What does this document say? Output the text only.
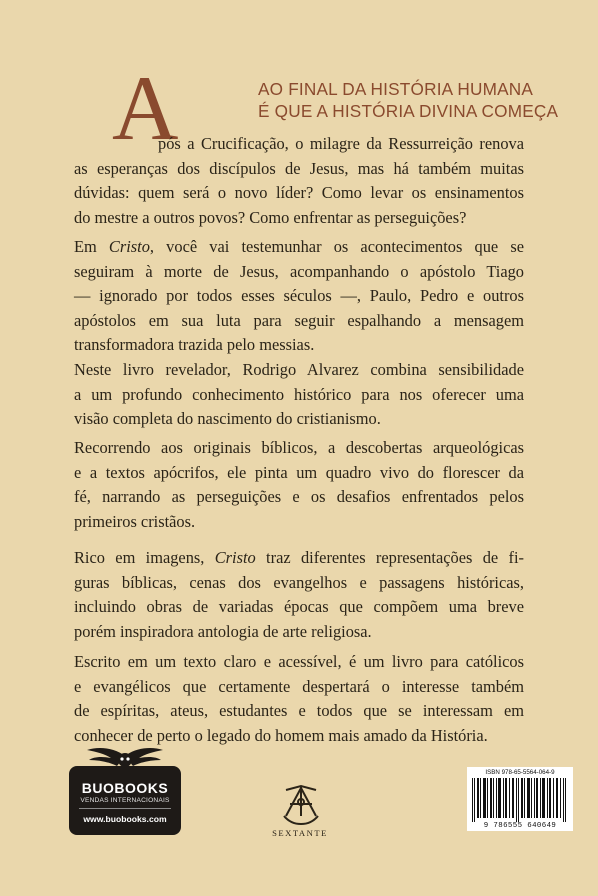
AO FINAL DA HISTÓRIA HUMANA
É QUE A HISTÓRIA DIVINA COMEÇA
A
pós a Crucificação, o milagre da Ressurreição renova
as esperanças dos discípulos de Jesus, mas há também muitas
dúvidas: quem será o novo líder? Como levar os ensinamentos
do mestre a outros povos? Como enfrentar as perseguições?
Em Cristo, você vai testemunhar os acontecimentos que se
seguiram à morte de Jesus, acompanhando o apóstolo Tiago
— ignorado por todos esses séculos —, Paulo, Pedro e outros
apóstolos em sua luta para seguir espalhando a mensagem
transformadora trazida pelo messias.
Neste livro revelador, Rodrigo Alvarez combina sensibilidade
a um profundo conhecimento histórico para nos oferecer uma
visão completa do nascimento do cristianismo.
Recorrendo aos originais bíblicos, a descobertas arqueológicas
e a textos apócrifos, ele pinta um quadro vivo do florescer da
fé, narrando as perseguições e os desafios enfrentados pelos
primeiros cristãos.
Rico em imagens, Cristo traz diferentes representações de fi-
guras bíblicas, cenas dos evangelhos e passagens históricas,
incluindo obras de variadas épocas que compõem uma breve
porém inspiradora antologia de arte religiosa.
Escrito em um texto claro e acessível, é um livro para católicos
e evangélicos que certamente despertará o interesse também
de espíritas, ateus, estudantes e todos que se interessam em
conhecer de perto o legado do homem mais amado da História.
BUOBOOKS
VENDAS INTERNACIONAIS
www.buobooks.com
SEXTANTE
ISBN 978-65-5564-064-9
9 786555 640649
